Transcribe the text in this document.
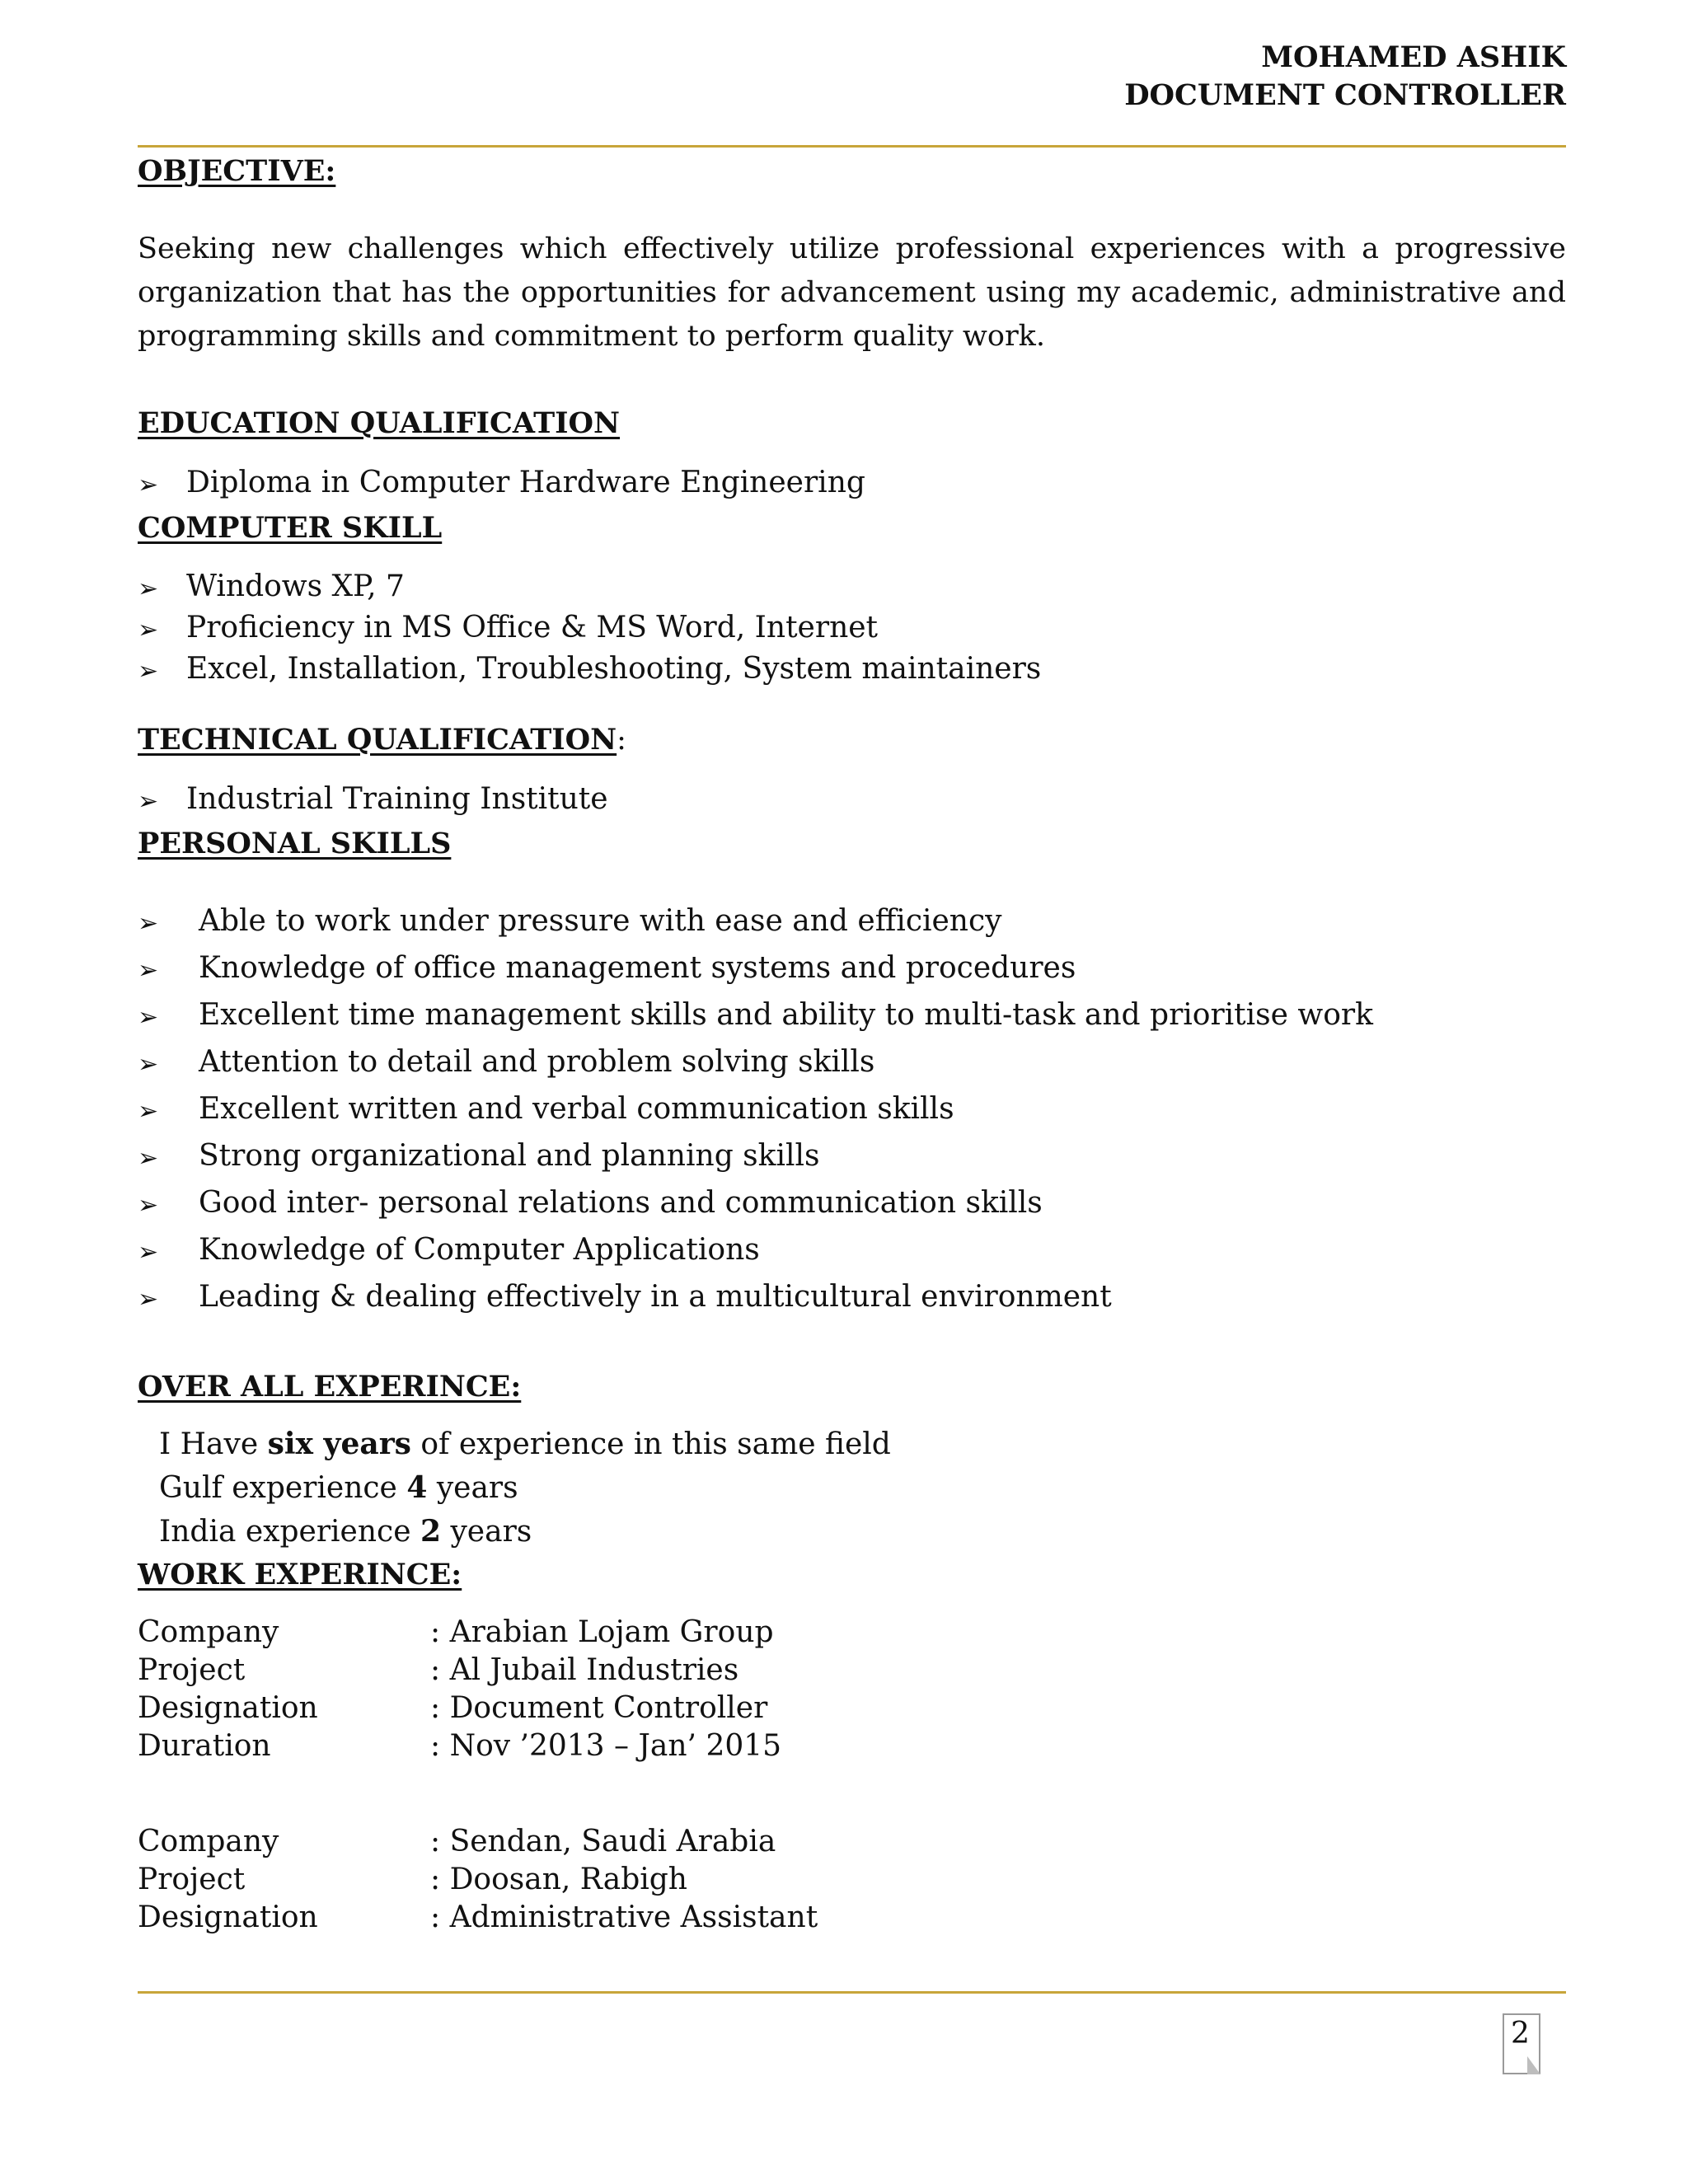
MOHAMED ASHIK
DOCUMENT CONTROLLER
OBJECTIVE:
Seeking new challenges which effectively utilize professional experiences with a progressive
organization that has the opportunities for advancement using my academic, administrative and
programming skills and commitment to perform quality work.
EDUCATION QUALIFICATION
➢ Diploma in Computer Hardware Engineering
COMPUTER SKILL
➢ Windows XP, 7
➢ Proficiency in MS Office & MS Word, Internet
➢ Excel, Installation, Troubleshooting, System maintainers
TECHNICAL QUALIFICATION:
➢ Industrial Training Institute
PERSONAL SKILLS
➢ Able to work under pressure with ease and efficiency
➢ Knowledge of office management systems and procedures
➢ Excellent time management skills and ability to multi-task and prioritise work
➢ Attention to detail and problem solving skills
➢ Excellent written and verbal communication skills
➢ Strong organizational and planning skills
➢ Good inter- personal relations and communication skills
➢ Knowledge of Computer Applications
➢ Leading & dealing effectively in a multicultural environment
OVER ALL EXPERINCE:
I Have six years of experience in this same field
Gulf experience 4 years
India experience 2 years
WORK EXPERINCE:
Company	: Arabian Lojam Group
Project	: Al Jubail Industries
Designation	: Document Controller
Duration	: Nov ’2013 – Jan’ 2015
Company	: Sendan, Saudi Arabia
Project	: Doosan, Rabigh
Designation	: Administrative Assistant
2
